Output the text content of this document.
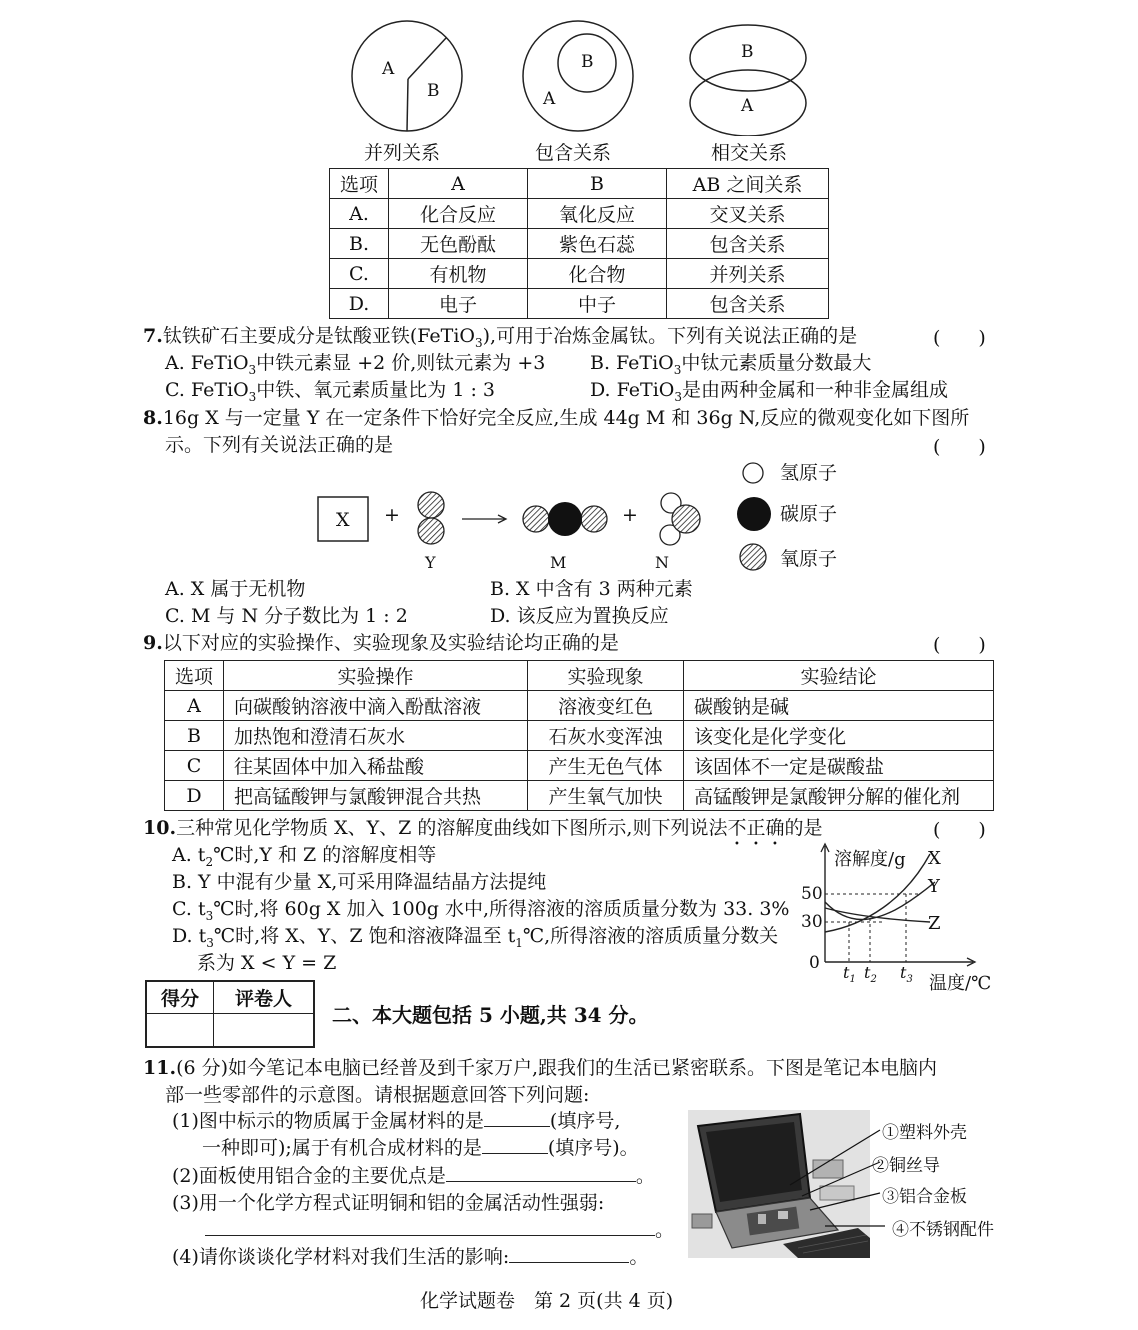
A
B
B
A
B
A
并列关系	包含关系	相交关系
选项	A	B	AB 之间关系
A.	化合反应	氧化反应	交叉关系
B.	无色酚酞	紫色石蕊	包含关系
C.	有机物	化合物	并列关系
D.	电子	中子	包含关系
7.钛铁矿石主要成分是钛酸亚铁(FeTiO$_3$),可用于冶炼金属钛。下列有关说法正确的是	(　　)
A. FeTiO$_3$中铁元素显 +2 价,则钛元素为 +3 B. FeTiO$_3$中钛元素质量分数最大
C. FeTiO$_3$中铁、氧元素质量比为 1 : 3	D. FeTiO$_3$是由两种金属和一种非金属组成
8.16g X 与一定量 Y 在一定条件下恰好完全反应,生成 44g M 和 36g N,反应的微观变化如下图所
示。下列有关说法正确的是	(　　)
X +	+
Y	M	N
氢原子
碳原子
氧原子
A. X 属于无机物	B. X 中含有 3 两种元素
C. M 与 N 分子数比为 1 : 2	D. 该反应为置换反应
9.以下对应的实验操作、实验现象及实验结论均正确的是	(　　)
选项	实验操作	实验现象	实验结论
A	向碳酸钠溶液中滴入酚酞溶液	溶液变红色	碳酸钠是碱
B	加热饱和澄清石灰水	石灰水变浑浊	该变化是化学变化
C	往某固体中加入稀盐酸	产生无色气体	该固体不一定是碳酸盐
D	把高锰酸钾与氯酸钾混合共热	产生氧气加快	高锰酸钾是氯酸钾分解的催化剂
10.三种常见化学物质 X、Y、Z 的溶解度曲线如下图所示,则下列说法不正确的是	(　　)
A. $t_2℃$时,Y 和 Z 的溶解度相等
B. Y 中混有少量 X,可采用降温结晶方法提纯
C. $t_3℃$时,将 60g X 加入 100g 水中,所得溶液的溶质质量分数为 33. 3%
D. $t_3℃$时,将 X、Y、Z 饱和溶液降温至 $t_1℃$,所得溶液的溶质质量分数关
系为 X < Y = Z
溶解度/g X
Y
Z
50
30
0 $t_1$ $t_2$ $t_3$ 温度/℃
得分	评卷人

二、本大题包括 5 小题,共 34 分。
11.(6 分)如今笔记本电脑已经普及到千家万户,跟我们的生活已紧密联系。下图是笔记本电脑内
部一些零部件的示意图。请根据题意回答下列问题:
(1)图中标示的物质属于金属材料的是	(填序号,
一种即可);属于有机合成材料的是	(填序号)。
(2)面板使用铝合金的主要优点是	。
(3)用一个化学方程式证明铜和铝的金属活动性强弱:
。
(4)请你谈谈化学材料对我们生活的影响:	。
①塑料外壳
②铜丝导
③铝合金板
④不锈钢配件
化学试题卷　第 2 页(共 4 页)
